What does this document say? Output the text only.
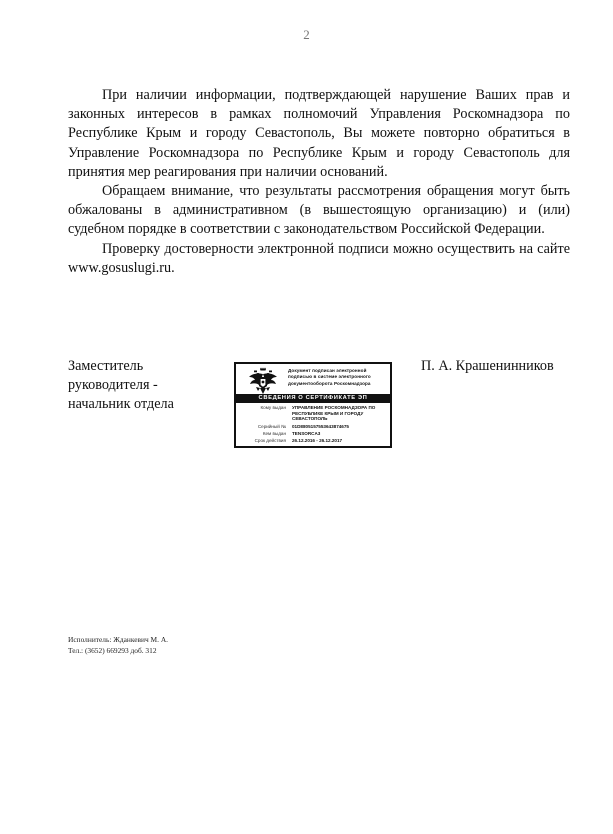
2

При наличии информации, подтверждающей нарушение Ваших прав и законных интересов в рамках полномочий Управления Роскомнадзора по Республике Крым и городу Севастополь, Вы можете повторно обратиться в Управление Роскомнадзора по Республике Крым и городу Севастополь для принятия мер реагирования при наличии оснований.

Обращаем внимание, что результаты рассмотрения обращения могут быть обжалованы в административном (в вышестоящую организацию) и (или) судебном порядке в соответствии с законодательством Российской Федерации.

Проверку достоверности электронной подписи можно осуществить на сайте www.gosuslugi.ru.

Заместитель
руководителя -
начальник отдела
Документ подписан электронной
подписью в системе электронного
документооборота Роскомнадзора
СВЕДЕНИЯ О СЕРТИФИКАТЕ ЭП
Кому выдан УПРАВЛЕНИЕ РОСКОМНАДЗОРА ПО РЕСПУБЛИКЕ КРЫМ И ГОРОДУ СЕВАСТОПОЛЬ
Серийный № 01D8805157553643874675
Кем выдан TENSORCA3
Срок действия 26.12.2016 - 26.12.2017
П. А. Крашенинников
Исполнитель: Жданкевич М. А.
Тел.: (3652) 669293 доб. 312
